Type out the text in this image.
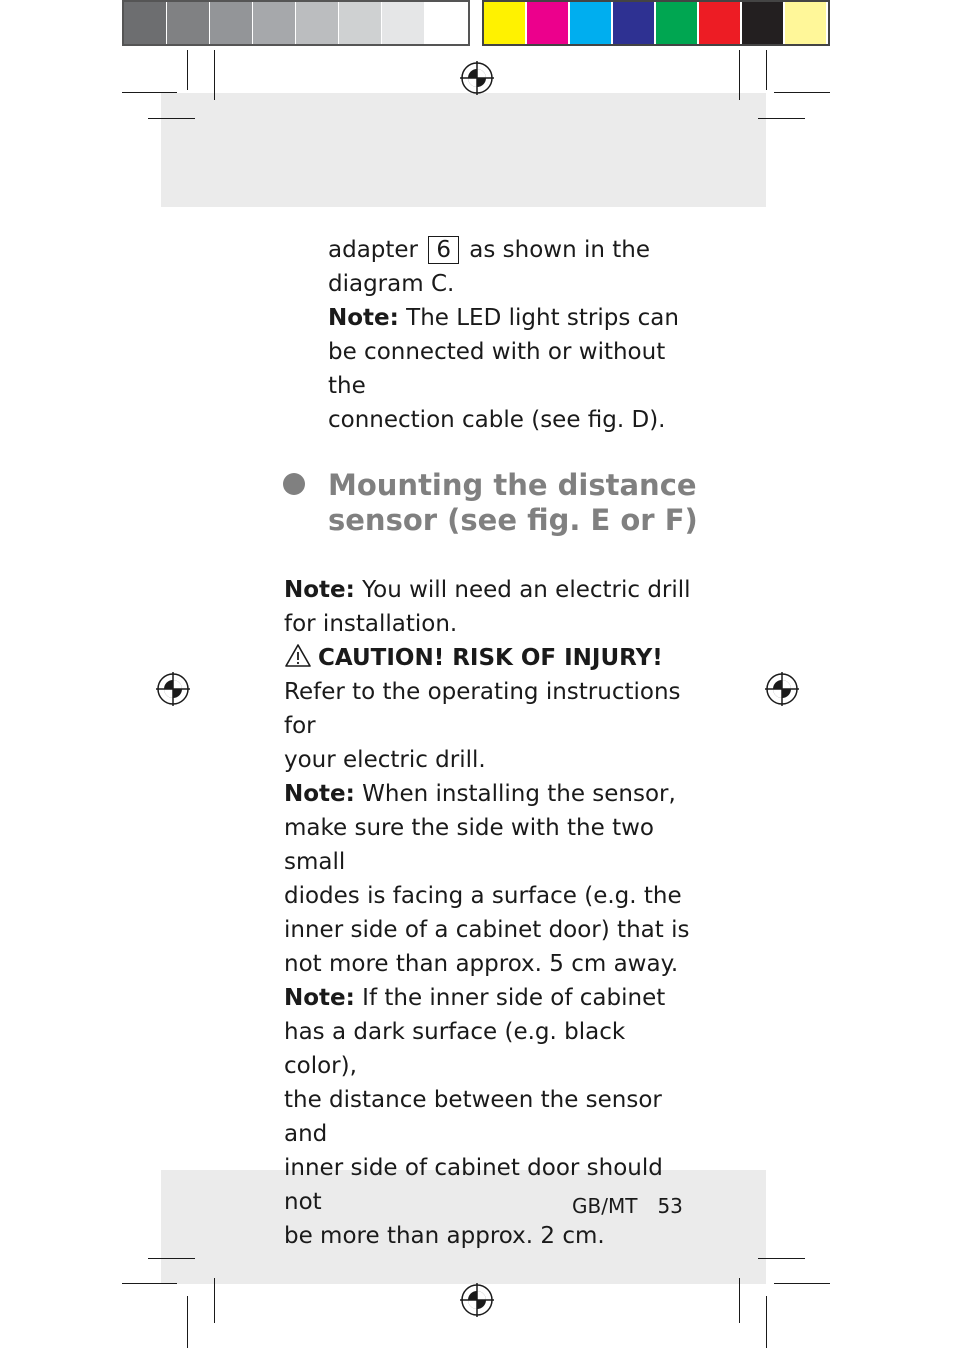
adapter 6 as shown in the

diagram C.

Note: The LED light strips can

be connected with or without the

connection cable (see fig. D).

Mounting the distance
sensor (see fig. E or F)

Note: You will need an electric drill

for installation.

CAUTION! RISK OF INJURY!

Refer to the operating instructions for

your electric drill.

Note: When installing the sensor,

make sure the side with the two small

diodes is facing a surface (e.g. the

inner side of a cabinet door) that is

not more than approx. 5 cm away.

Note: If the inner side of cabinet

has a dark surface (e.g. black color),

the distance between the sensor and

inner side of cabinet door should not

be more than approx. 2 cm.

GB/MT 53
